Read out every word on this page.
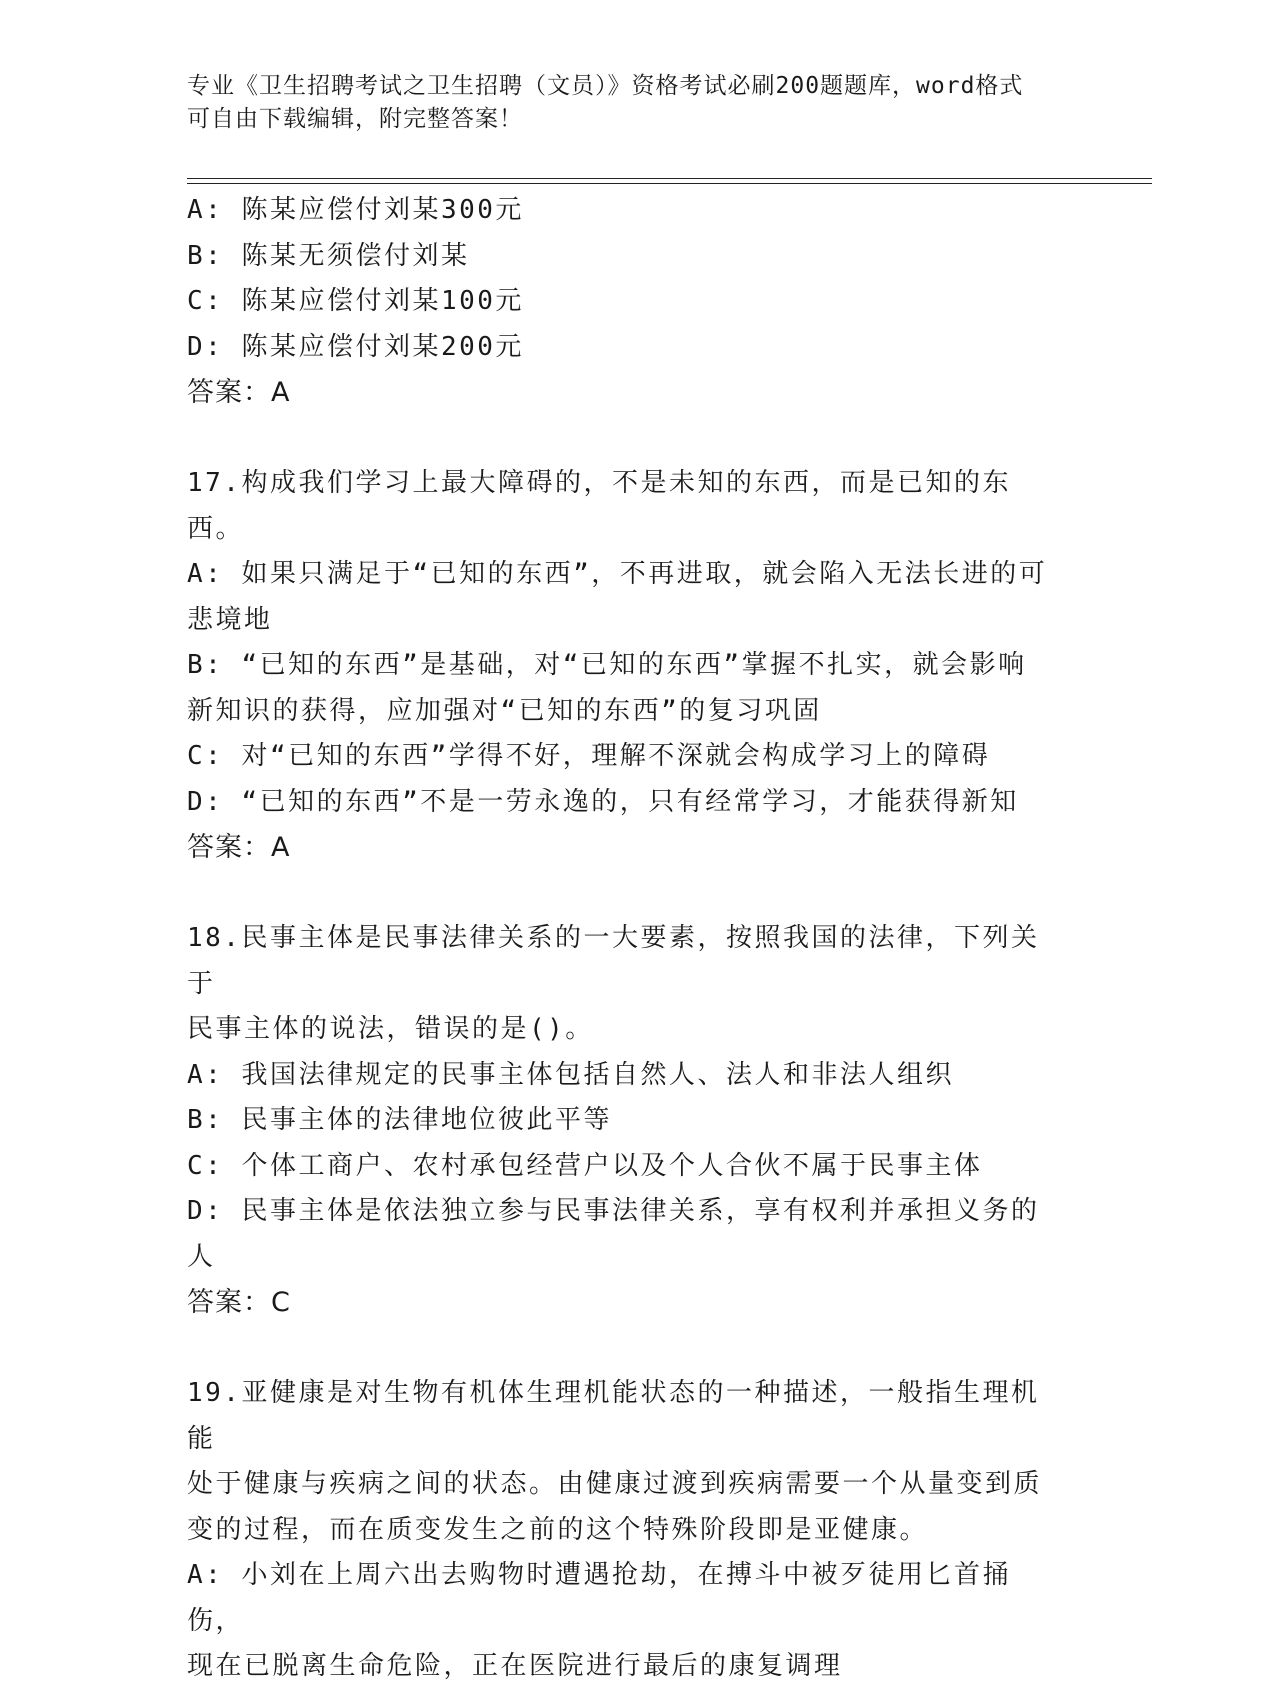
专业《卫生招聘考试之卫生招聘（文员）》资格考试必刷200题题库，word格式
可自由下载编辑，附完整答案！

A: 陈某应偿付刘某300元

B: 陈某无须偿付刘某

C: 陈某应偿付刘某100元

D: 陈某应偿付刘某200元

答案：A

17.构成我们学习上最大障碍的，不是未知的东西，而是已知的东西。

A: 如果只满足于“已知的东西”，不再进取，就会陷入无法长进的可

悲境地

B: “已知的东西”是基础，对“已知的东西”掌握不扎实，就会影响

新知识的获得，应加强对“已知的东西”的复习巩固

C: 对“已知的东西”学得不好，理解不深就会构成学习上的障碍

D: “已知的东西”不是一劳永逸的，只有经常学习，才能获得新知

答案：A

18.民事主体是民事法律关系的一大要素，按照我国的法律，下列关于

民事主体的说法，错误的是()。

A: 我国法律规定的民事主体包括自然人、法人和非法人组织

B: 民事主体的法律地位彼此平等

C: 个体工商户、农村承包经营户以及个人合伙不属于民事主体

D: 民事主体是依法独立参与民事法律关系，享有权利并承担义务的人

答案：C

19.亚健康是对生物有机体生理机能状态的一种描述，一般指生理机能

处于健康与疾病之间的状态。由健康过渡到疾病需要一个从量变到质

变的过程，而在质变发生之前的这个特殊阶段即是亚健康。

A: 小刘在上周六出去购物时遭遇抢劫，在搏斗中被歹徒用匕首捅伤，

现在已脱离生命危险，正在医院进行最后的康复调理
